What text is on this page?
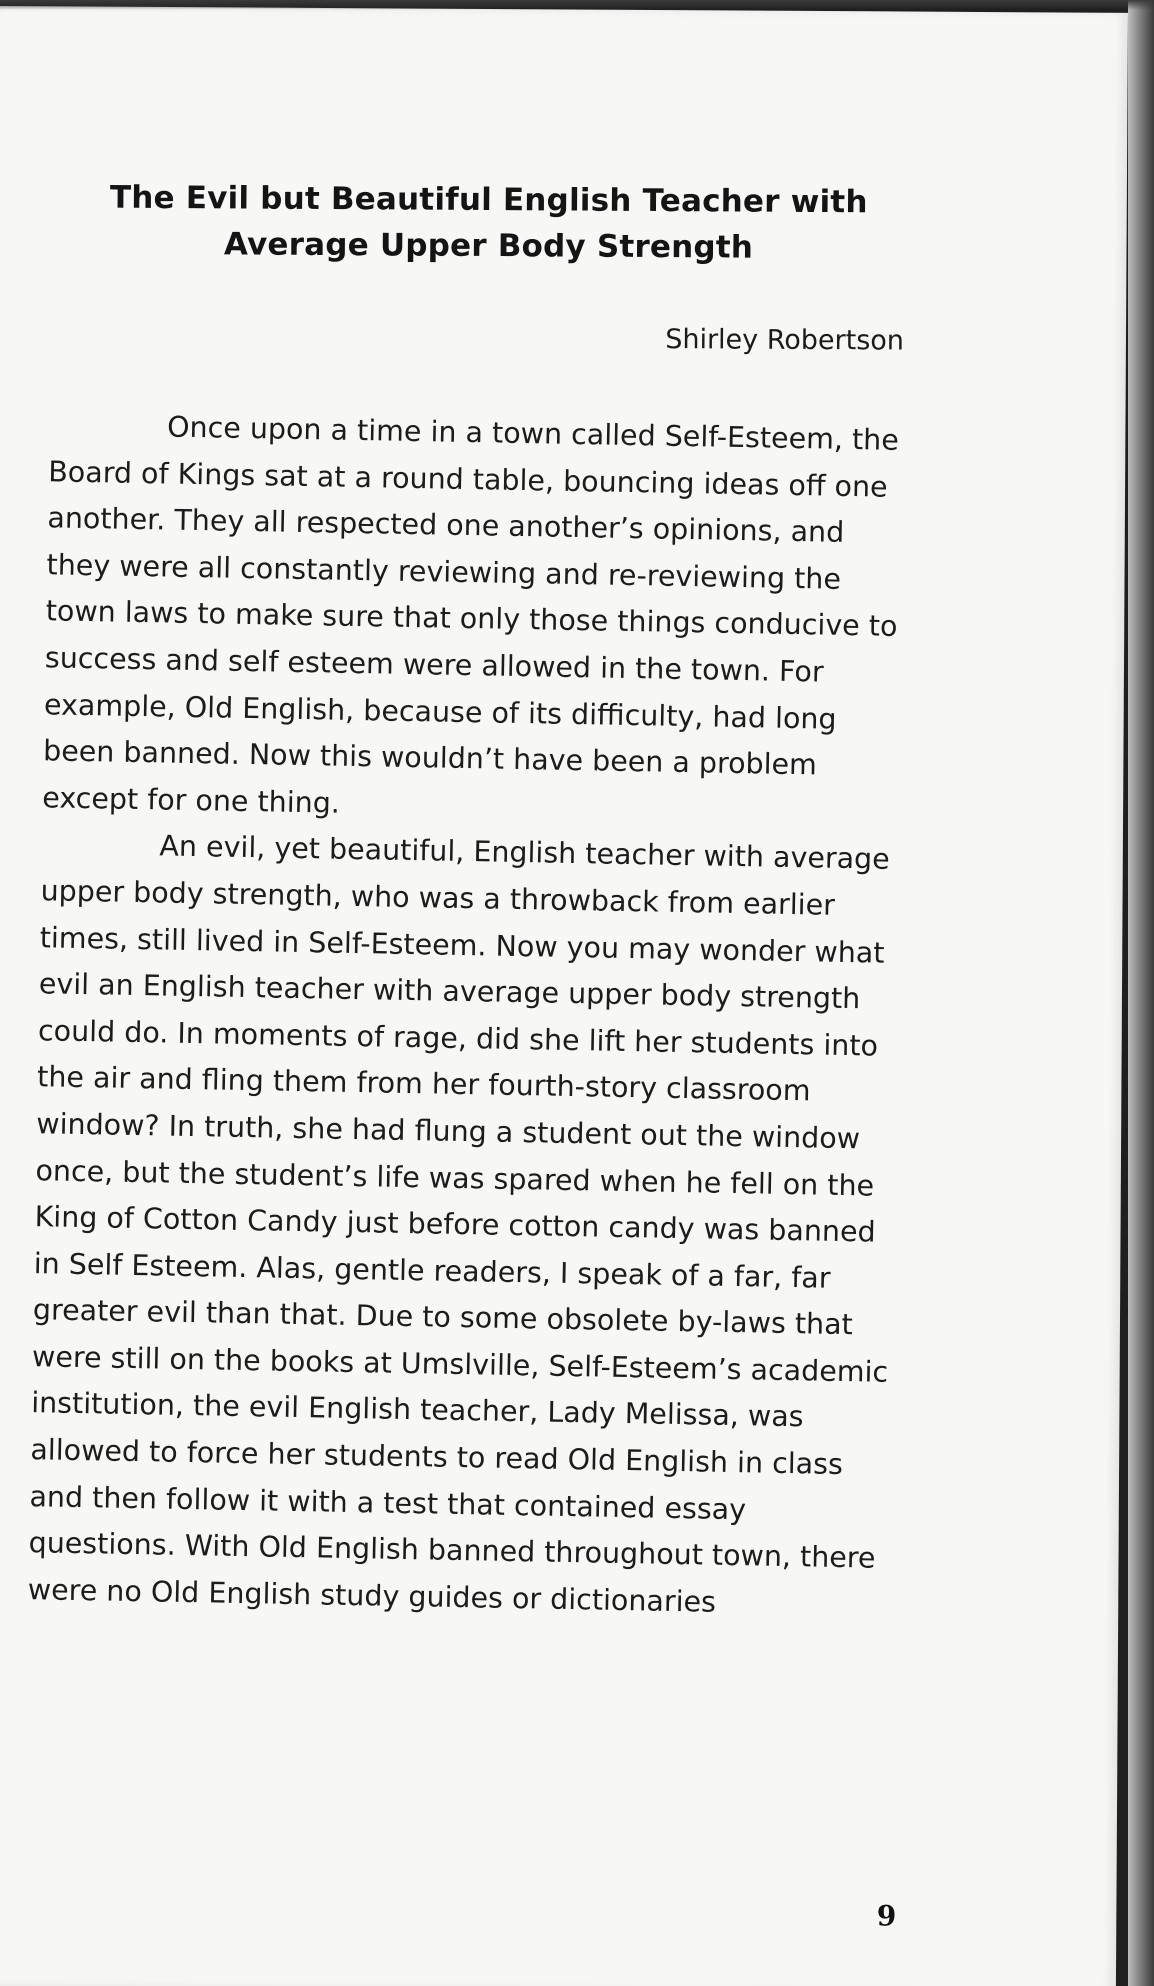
The Evil but Beautiful English Teacher with Average Upper Body Strength
Shirley Robertson

Once upon a time in a town called Self-Esteem, the Board of Kings sat at a round table, bouncing ideas off one another. They all respected one another’s opinions, and they were all constantly reviewing and re-reviewing the town laws to make sure that only those things conducive to success and self esteem were allowed in the town. For example, Old English, because of its difficulty, had long been banned. Now this wouldn’t have been a problem except for one thing.

An evil, yet beautiful, English teacher with average upper body strength, who was a throwback from earlier times, still lived in Self-Esteem. Now you may wonder what evil an English teacher with average upper body strength could do. In moments of rage, did she lift her students into the air and fling them from her fourth-story classroom window? In truth, she had flung a student out the window once, but the student’s life was spared when he fell on the King of Cotton Candy just before cotton candy was banned in Self Esteem. Alas, gentle readers, I speak of a far, far greater evil than that. Due to some obsolete by-laws that were still on the books at Umslville, Self-Esteem’s academic institution, the evil English teacher, Lady Melissa, was allowed to force her students to read Old English in class and then follow it with a test that contained essay questions. With Old English banned throughout town, there were no Old English study guides or dictionaries

9
